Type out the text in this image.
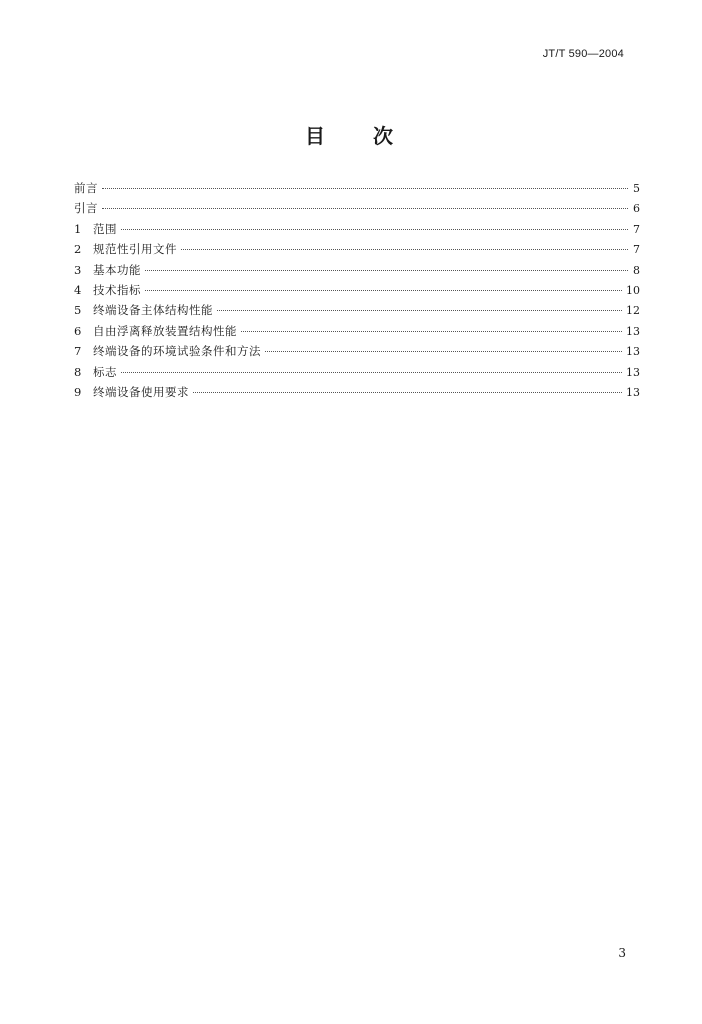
JT/T 590—2004
目 次
前言	5
引言	6
1	范围	7
2	规范性引用文件	7
3	基本功能	8
4	技术指标	10
5	终端设备主体结构性能	12
6	自由浮离释放装置结构性能	13
7	终端设备的环境试验条件和方法	13
8	标志	13
9	终端设备使用要求	13
3
